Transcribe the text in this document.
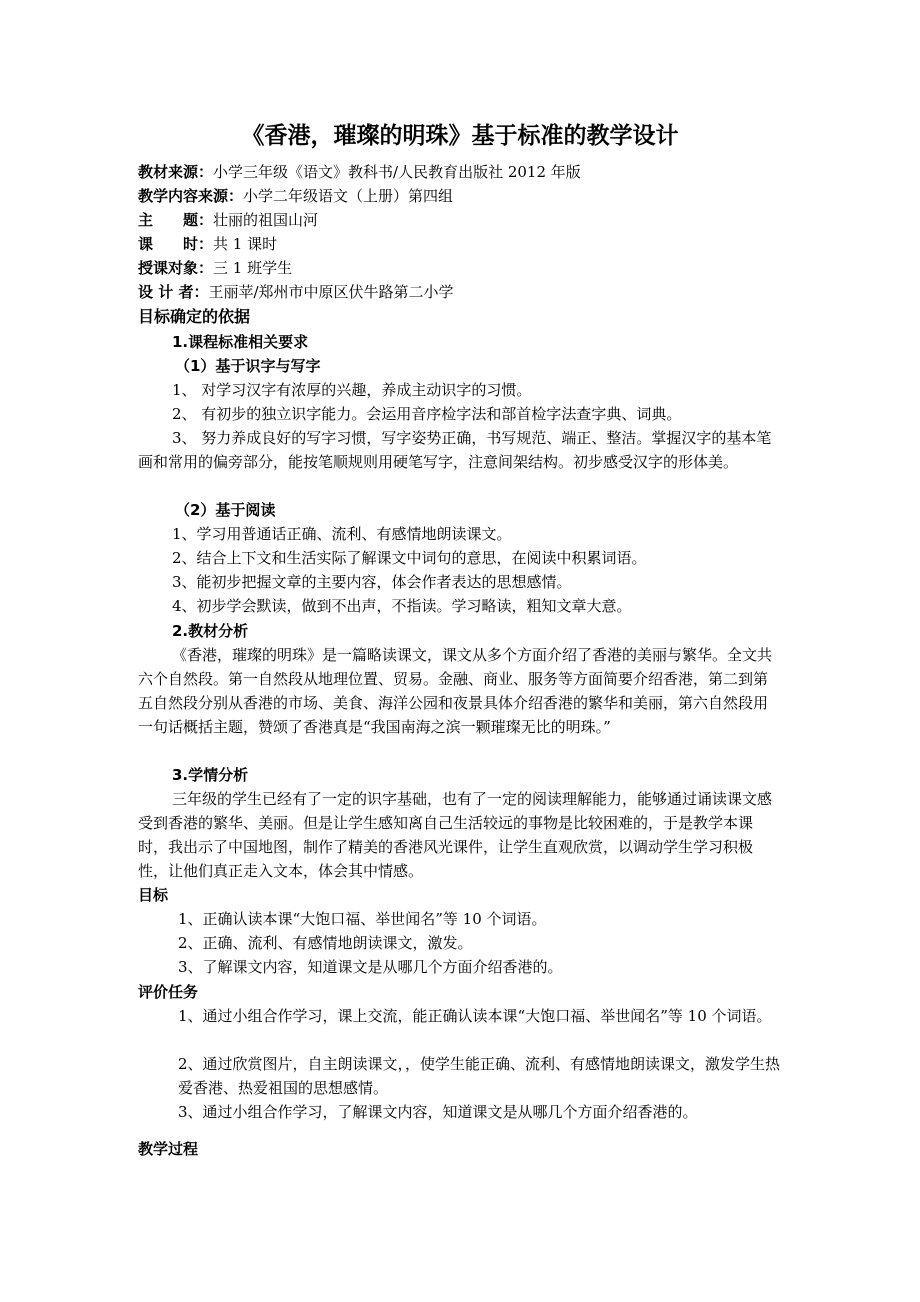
《香港，璀璨的明珠》基于标准的教学设计
教材来源：小学三年级《语文》教科书/人民教育出版社 2012 年版
教学内容来源：小学二年级语文（上册）第四组
主　　题：壮丽的祖国山河
课　　时：共 1 课时
授课对象：三 1 班学生
设 计 者：王丽苹/郑州市中原区伏牛路第二小学
目标确定的依据
1.课程标准相关要求
（1）基于识字与写字
1、 对学习汉字有浓厚的兴趣，养成主动识字的习惯。
2、 有初步的独立识字能力。会运用音序检字法和部首检字法查字典、词典。
3、 努力养成良好的写字习惯，写字姿势正确，书写规范、端正、整洁。掌握汉字的基本笔画和常用的偏旁部分，能按笔顺规则用硬笔写字，注意间架结构。初步感受汉字的形体美。
（2）基于阅读
1、学习用普通话正确、流利、有感情地朗读课文。
2、结合上下文和生活实际了解课文中词句的意思，在阅读中积累词语。
3、能初步把握文章的主要内容，体会作者表达的思想感情。
4、初步学会默读，做到不出声，不指读。学习略读，粗知文章大意。
2.教材分析
《香港，璀璨的明珠》是一篇略读课文，课文从多个方面介绍了香港的美丽与繁华。全文共六个自然段。第一自然段从地理位置、贸易。金融、商业、服务等方面简要介绍香港，第二到第五自然段分别从香港的市场、美食、海洋公园和夜景具体介绍香港的繁华和美丽，第六自然段用一句话概括主题，赞颂了香港真是“我国南海之滨一颗璀璨无比的明珠。”
3.学情分析
三年级的学生已经有了一定的识字基础，也有了一定的阅读理解能力，能够通过诵读课文感受到香港的繁华、美丽。但是让学生感知离自己生活较远的事物是比较困难的，于是教学本课时，我出示了中国地图，制作了精美的香港风光课件，让学生直观欣赏，以调动学生学习积极性，让他们真正走入文本，体会其中情感。
目标
1、正确认读本课“大饱口福、举世闻名”等 10 个词语。
2、正确、流利、有感情地朗读课文，激发。
3、了解课文内容，知道课文是从哪几个方面介绍香港的。
评价任务
1、通过小组合作学习，课上交流，能正确认读本课“大饱口福、举世闻名”等 10 个词语。
2、通过欣赏图片，自主朗读课文，，使学生能正确、流利、有感情地朗读课文，激发学生热爱香港、热爱祖国的思想感情。
3、通过小组合作学习，了解课文内容，知道课文是从哪几个方面介绍香港的。
教学过程
